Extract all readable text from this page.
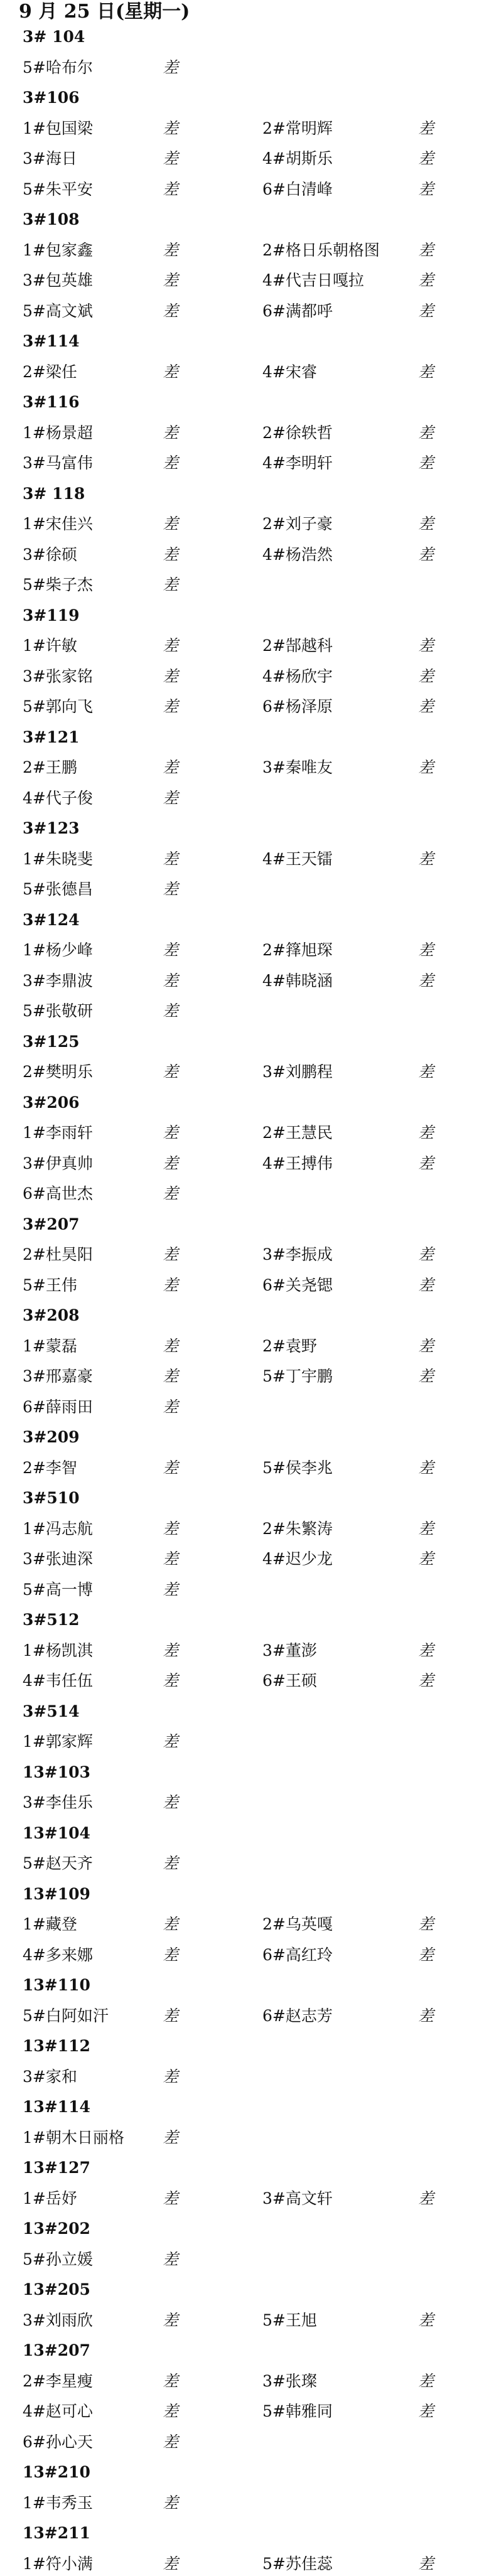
9 月 25 日(星期一)
3# 104
5#哈布尔	差
3#106
1#包国梁	差	2#常明辉	差
3#海日	差	4#胡斯乐	差
5#朱平安	差	6#白清峰	差
3#108
1#包家鑫	差	2#格日乐朝格图 差
3#包英雄	差	4#代吉日嘎拉	差
5#高文斌	差	6#满都呼	差
3#114
2#梁任	差	4#宋睿	差
3#116
1#杨景超	差	2#徐轶哲	差
3#马富伟	差	4#李明轩	差
3# 118
1#宋佳兴	差	2#刘子豪	差
3#徐硕	差	4#杨浩然	差
5#柴子杰	差
3#119
1#许敏	差	2#郜越科	差
3#张家铭	差	4#杨欣宇	差
5#郭向飞	差	6#杨泽原	差
3#121
2#王鹏	差	3#秦唯友	差
4#代子俊	差
3#123
1#朱晓斐	差	4#王天镭	差
5#张德昌	差
3#124
1#杨少峰	差	2#箨旭琛	差
3#李鼎波	差	4#韩晓涵	差
5#张敬研	差
3#125
2#樊明乐	差	3#刘鹏程	差
3#206
1#李雨轩	差	2#王慧民	差
3#伊真帅	差	4#王搏伟	差
6#高世杰	差
3#207
2#杜昊阳	差	3#李振成	差
5#王伟	差	6#关尧锶	差
3#208
1#蒙磊	差	2#袁野	差
3#邢嘉豪	差	5#丁宇鹏	差
6#薛雨田	差
3#209
2#李智	差	5#侯李兆	差
3#510
1#冯志航	差	2#朱繁涛	差
3#张迪深	差	4#迟少龙	差
5#高一博	差
3#512
1#杨凯淇	差	3#董澎	差
4#韦任伍	差	6#王硕	差
3#514
1#郭家辉	差
13#103
3#李佳乐	差
13#104
5#赵天齐	差
13#109
1#藏登	差	2#乌英嘎	差
4#多来娜	差	6#高红玲	差
13#110
5#白阿如汗	差	6#赵志芳	差
13#112
3#家和	差
13#114
1#朝木日丽格 差
13#127
1#岳妤	差	3#高文轩	差
13#202
5#孙立媛	差
13#205
3#刘雨欣	差	5#王旭	差
13#207
2#李星瘦	差	3#张璨	差
4#赵可心	差	5#韩雅同	差
6#孙心天	差
13#210
1#韦秀玉	差
13#211
1#符小满	差	5#苏佳蕊	差
